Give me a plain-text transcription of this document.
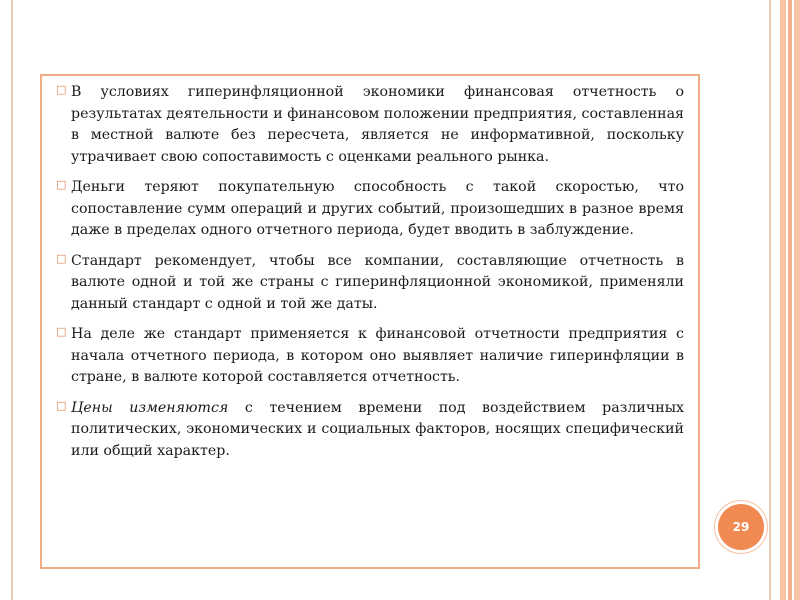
□ В условиях гиперинфляционной экономики финансовая отчетность о результатах деятельности и финансовом положении предприятия, составленная в местной валюте без пересчета, является не информативной, поскольку утрачивает свою сопоставимость с оценками реального рынка.
□ Деньги теряют покупательную способность с такой скоростью, что сопоставление сумм операций и других событий, произошедших в разное время даже в пределах одного отчетного периода, будет вводить в заблуждение.
□ Стандарт рекомендует, чтобы все компании, составляющие отчетность в валюте одной и той же страны с гиперинфляционной экономикой, применяли данный стандарт с одной и той же даты.
□ На деле же стандарт применяется к финансовой отчетности предприятия с начала отчетного периода, в котором оно выявляет наличие гиперинфляции в стране, в валюте которой составляется отчетность.
□ Цены изменяются с течением времени под воздействием различных политических, экономических и социальных факторов, носящих специфический или общий характер.
29
